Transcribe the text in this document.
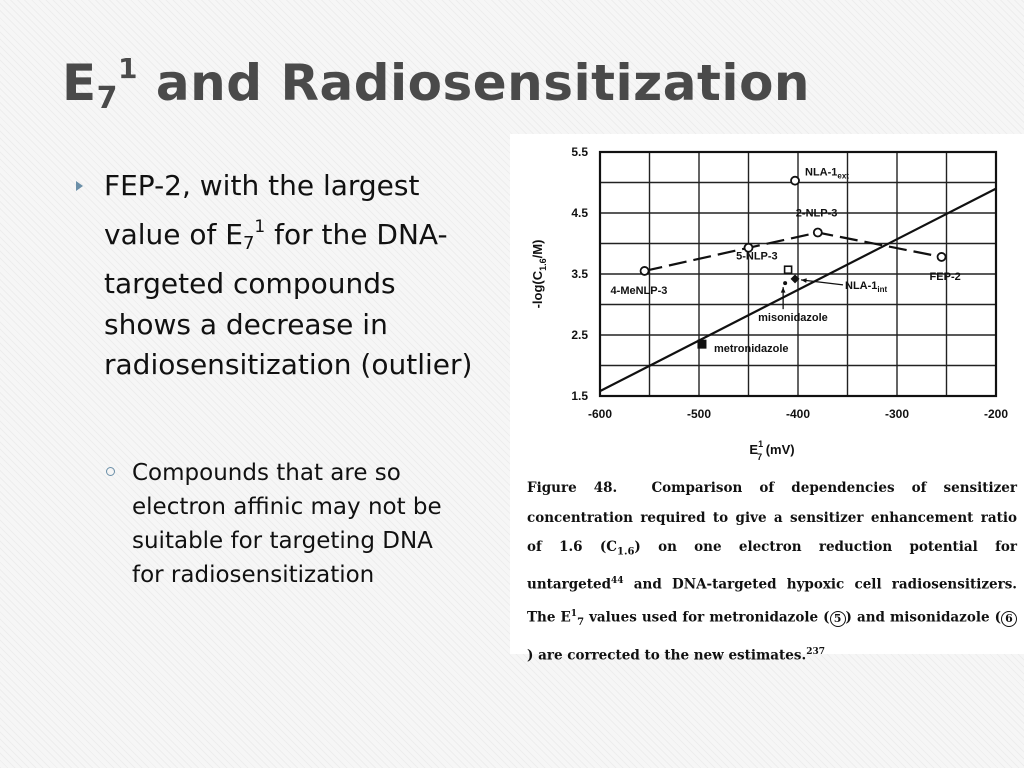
$E_7^1$ and Radiosensitization
FEP-2, with the largest value of $E_7^1$ for the DNA-targeted compounds shows a decrease in radiosensitization (outlier)
Compounds that are so electron affinic may not be suitable for targeting DNA for radiosensitization
1.5
2.5
3.5
4.5
5.5
-600	-500	-400	-300	-200
NLA-$1_{ext}$
2-NLP-3
5-NLP-3
NLA-$1_{int}$
misonidazole
metronidazole
4-MeNLP-3
FEP-2
$E^1$ 7 (mV)
$-\log(C_{1.6}/M)$
Figure 48.	Comparison of dependencies of sensitizer concentration required to give a sensitizer enhancement ratio of 1.6 $(C_{1.6})$ on one electron reduction potential for untargeted$^{44}$ and DNA-targeted hypoxic cell radiosensitizers. The $E^1_7$ values used for metronidazole ( 5 ) and misonidazole ( 6) are corrected to the new estimates.$^{237}$
